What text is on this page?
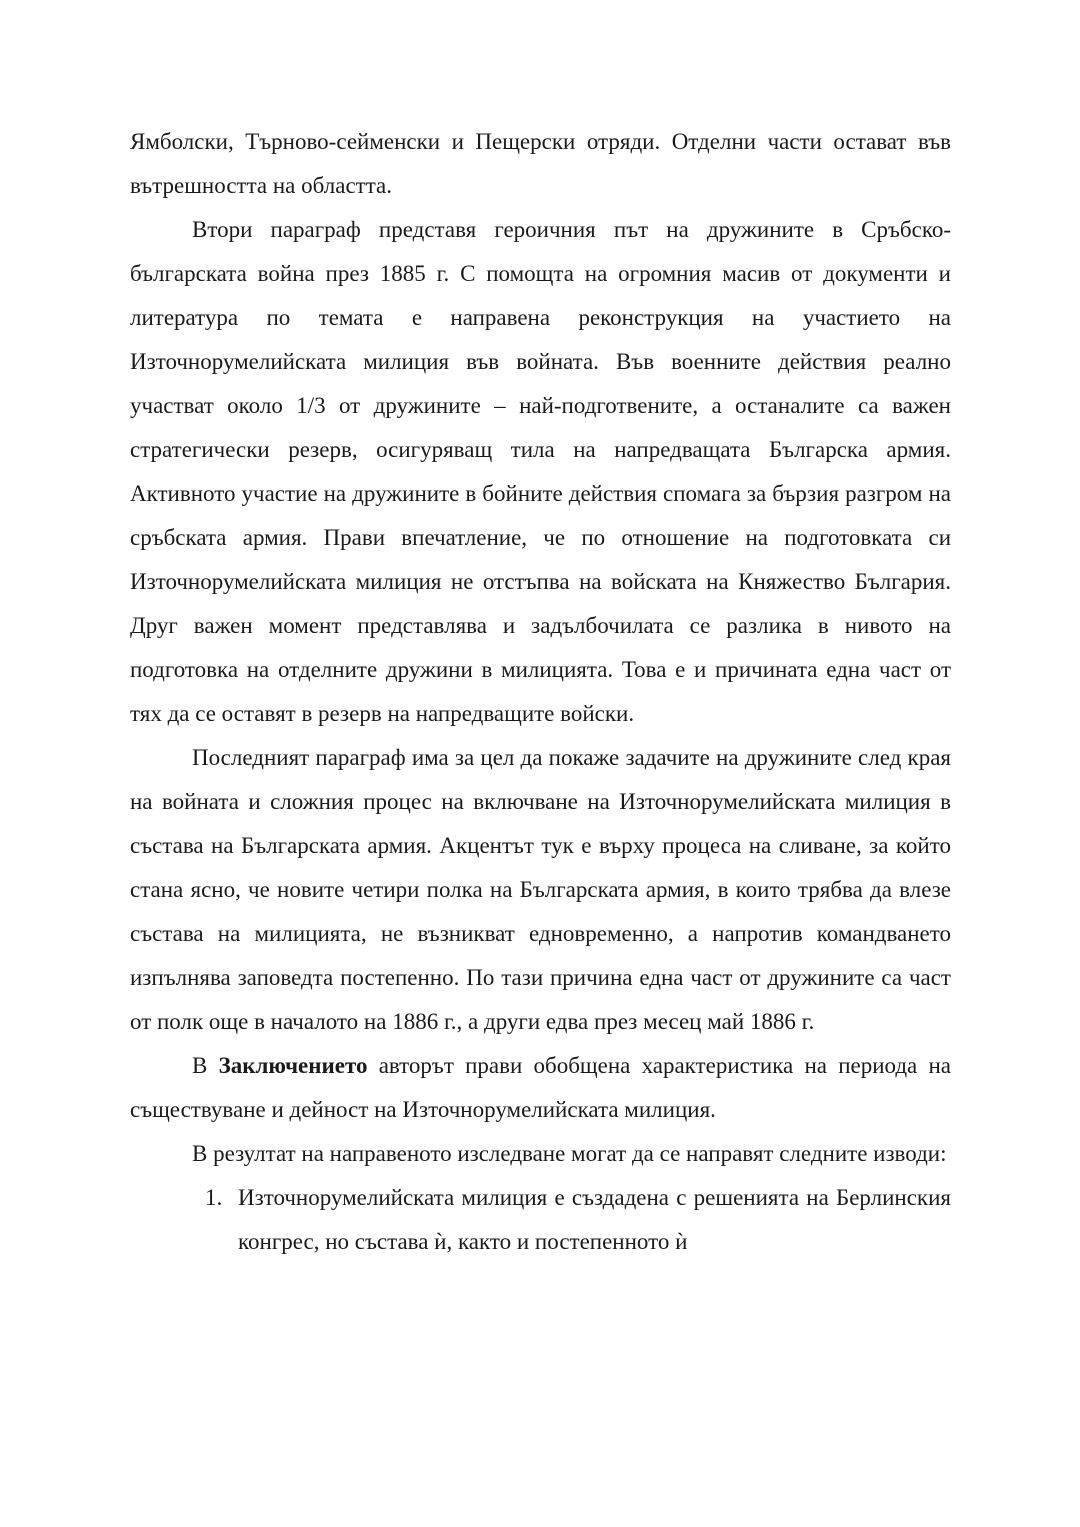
Ямболски, Търново-сейменски и Пещерски отряди. Отделни части остават във вътрешността на областта.

Втори параграф представя героичния път на дружините в Сръбско-българската война през 1885 г. С помощта на огромния масив от документи и литература по темата е направена реконструкция на участието на Източнорумелийската милиция във войната. Във военните действия реално участват около 1/3 от дружините – най-подготвените, а останалите са важен стратегически резерв, осигуряващ тила на напредващата Българска армия. Активното участие на дружините в бойните действия спомага за бързия разгром на сръбската армия. Прави впечатление, че по отношение на подготовката си Източнорумелийската милиция не отстъпва на войската на Княжество България. Друг важен момент представлява и задълбочилата се разлика в нивото на подготовка на отделните дружини в милицията. Това е и причината една част от тях да се оставят в резерв на напредващите войски.

Последният параграф има за цел да покаже задачите на дружините след края на войната и сложния процес на включване на Източнорумелийската милиция в състава на Българската армия. Акцентът тук е върху процеса на сливане, за който стана ясно, че новите четири полка на Българската армия, в които трябва да влезе състава на милицията, не възникват едновременно, а напротив командването изпълнява заповедта постепенно. По тази причина една част от дружините са част от полк още в началото на 1886 г., а други едва през месец май 1886 г.

В Заключението авторът прави обобщена характеристика на периода на съществуване и дейност на Източнорумелийската милиция.

В резултат на направеното изследване могат да се направят следните изводи:

1. Източнорумелийската милиция е създадена с решенията на Берлинския конгрес, но състава ѝ, както и постепенното ѝ
